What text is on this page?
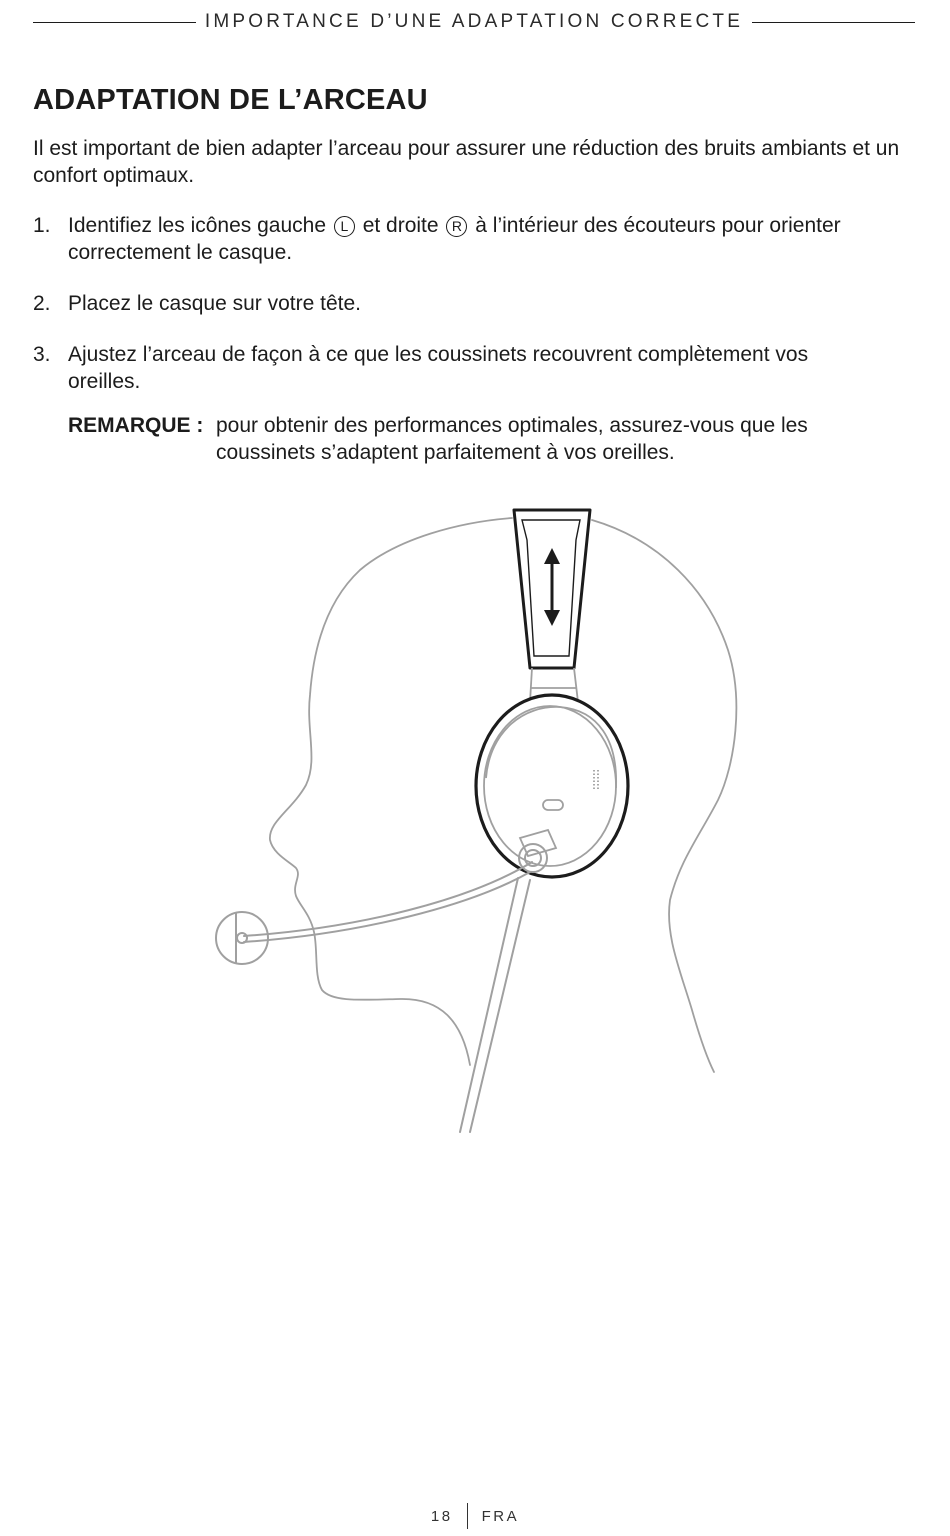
IMPORTANCE D’UNE ADAPTATION CORRECTE
ADAPTATION DE L’ARCEAU

Il est important de bien adapter l’arceau pour assurer une réduction des bruits ambiants et un confort optimaux.

1. Identifiez les icônes gauche L et droite R à l’intérieur des écouteurs pour orienter correctement le casque.
2. Placez le casque sur votre tête.
3. Ajustez l’arceau de façon à ce que les coussinets recouvrent complètement vos oreilles.
REMARQUE : pour obtenir des performances optimales, assurez-vous que les coussinets s’adaptent parfaitement à vos oreilles.
18 FRA
